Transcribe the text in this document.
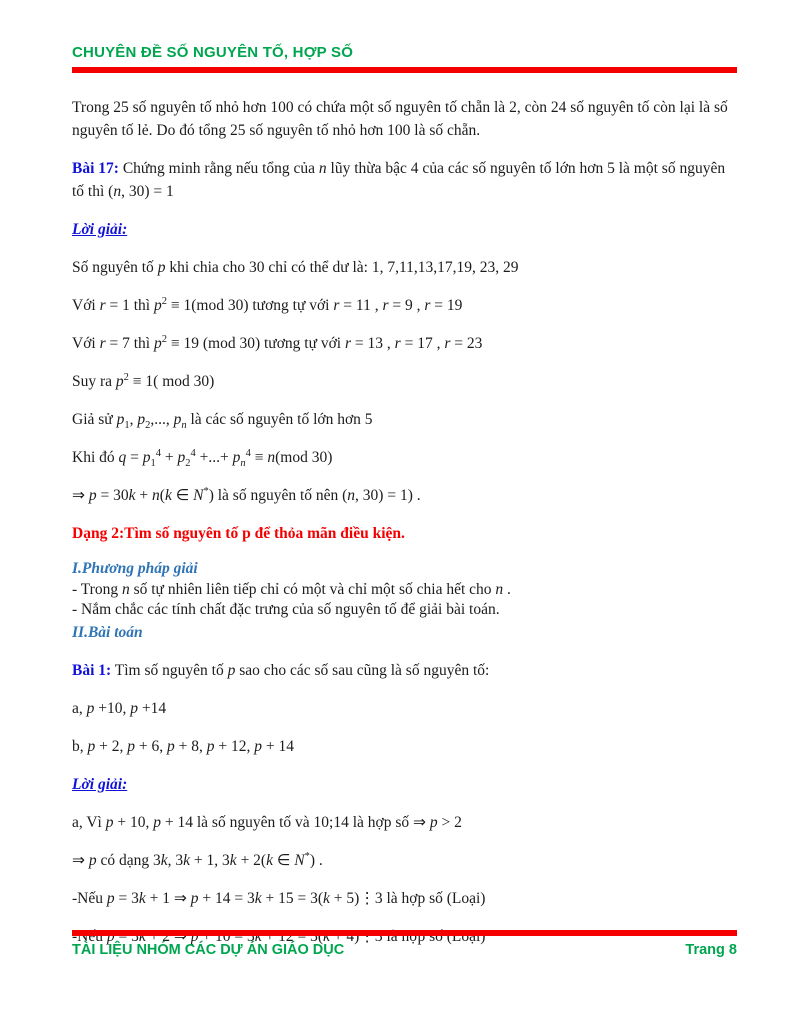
CHUYÊN ĐỀ SỐ NGUYÊN TỐ, HỢP SỐ
Trong 25 số nguyên tố nhỏ hơn 100 có chứa một số nguyên tố chẵn là 2, còn 24 số nguyên tố còn lại là số nguyên tố lẻ. Do đó tổng 25 số nguyên tố nhỏ hơn 100 là số chẵn.
Bài 17: Chứng minh rằng nếu tổng của n lũy thừa bậc 4 của các số nguyên tố lớn hơn 5 là một số nguyên tố thì (n, 30) = 1
Lời giải:
Số nguyên tố p khi chia cho 30 chỉ có thể dư là: 1, 7,11,13,17,19, 23, 29
Với r = 1 thì $p^2 \equiv 1(mod$ 30) tương tự với r = 11 , r = 9 , r = 19
Với r = 7 thì $p^2 \equiv 19$ (mod 30) tương tự với r = 13 , r = 17 , r = 23
Suy ra $p^2 \equiv 1$( mod 30)
Giả sử $p_1$, $p_2$,..., $p_n$ là các số nguyên tố lớn hơn 5
Khi đó $q = p_1^4 + p_2^4$ +...+ $p_n^4 \equiv n(mod$ 30)
⇒ p = 30k + n(k ∈ N*) là số nguyên tố nên (n, 30) = 1) .
Dạng 2:Tìm số nguyên tố p để thỏa mãn điều kiện.
I.Phương pháp giải
- Trong n số tự nhiên liên tiếp chỉ có một và chỉ một số chia hết cho n .
- Nắm chắc các tính chất đặc trưng của số nguyên tố để giải bài toán.
II.Bài toán
Bài 1: Tìm số nguyên tố p sao cho các số sau cũng là số nguyên tố:
a, p +10, p +14
b, p + 2, p + 6, p + 8, p + 12, p + 14
Lời giải:
a, Vì p + 10, p + 14 là số nguyên tố và 10;14 là hợp số ⇒ p > 2
⇒ p có dạng 3k, 3k + 1, 3k + 2(k ∈ N*) .
-Nếu p = 3k + 1 ⇒ p + 14 = 3k + 15 = 3(k + 5)⋮3 là hợp số (Loại)
-Nếu p = 3k + 2 ⇒ p + 10 = 3k + 12 = 3(k + 4)⋮3 là hợp số (Loại)
TÀI LIỆU NHÓM CÁC DỰ ÁN GIÁO DỤC	Trang 8
